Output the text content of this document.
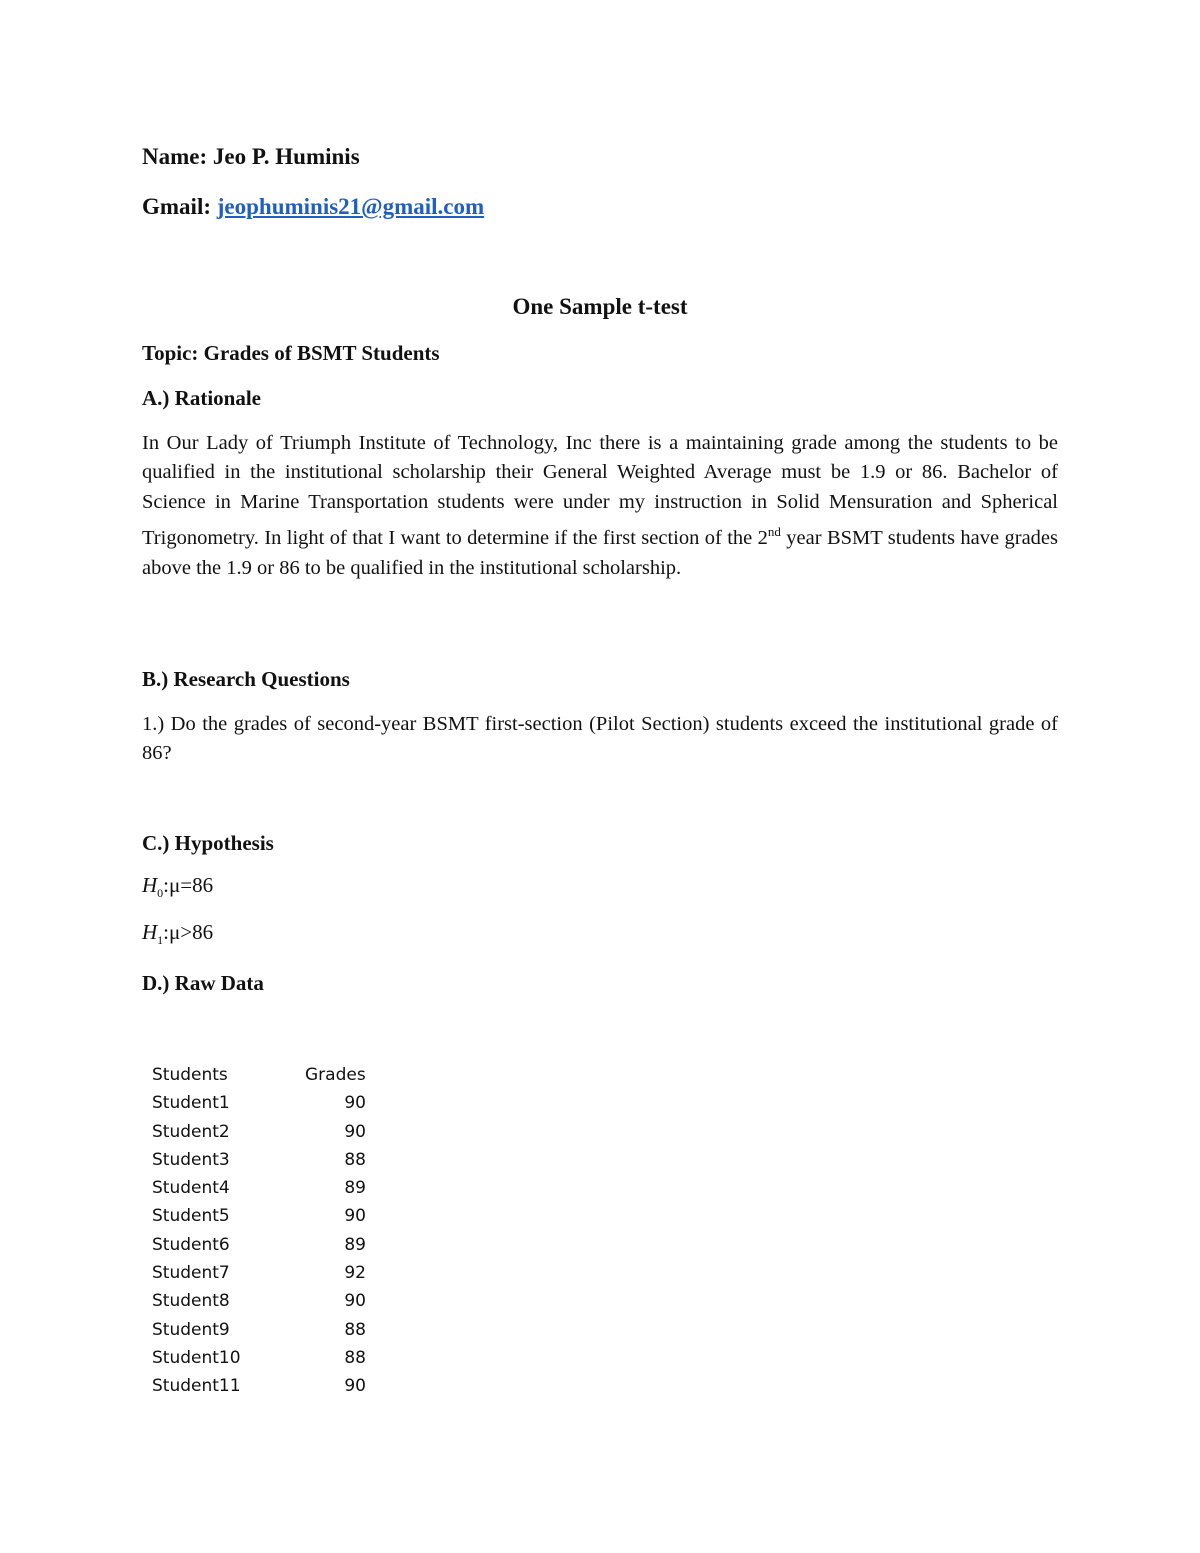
Name: Jeo P. Huminis
Gmail: jeophuminis21@gmail.com
One Sample t-test
Topic: Grades of BSMT Students
A.) Rationale
In Our Lady of Triumph Institute of Technology, Inc there is a maintaining grade among the students to be qualified in the institutional scholarship their General Weighted Average must be 1.9 or 86. Bachelor of Science in Marine Transportation students were under my instruction in Solid Mensuration and Spherical Trigonometry. In light of that I want to determine if the first section of the 2nd year BSMT students have grades above the 1.9 or 86 to be qualified in the institutional scholarship.
B.) Research Questions
1.) Do the grades of second-year BSMT first-section (Pilot Section) students exceed the institutional grade of 86?
C.) Hypothesis
$H_0:\mu=86$
$H_1:\mu>86$
D.) Raw Data
Students	Grades
Student1	90
Student2	90
Student3	88
Student4	89
Student5	90
Student6	89
Student7	92
Student8	90
Student9	88
Student10	88
Student11	90
